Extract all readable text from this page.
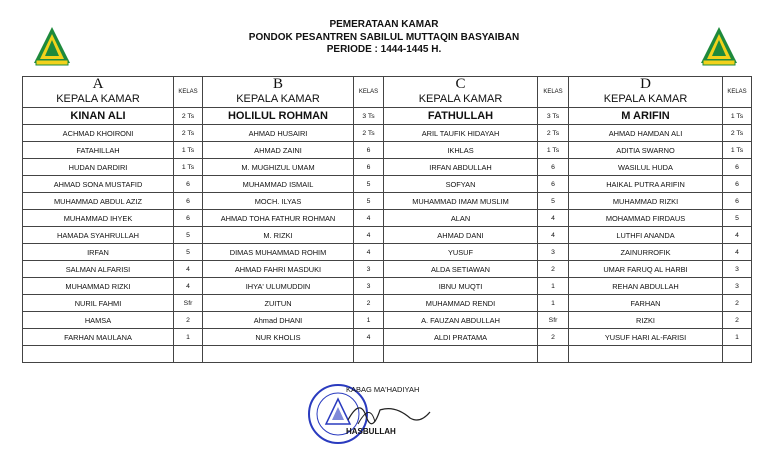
PEMERATAAN KAMAR
PONDOK PESANTREN SABILUL MUTTAQIN BASYAIBAN
PERIODE : 1444-1445 H.
A	KELAS	B	KELAS	C	KELAS	D	KELAS
KEPALA KAMAR		KEPALA KAMAR		KEPALA KAMAR		KEPALA KAMAR	
KINAN ALI	2 Ts	HOLILUL ROHMAN	3 Ts	FATHULLAH	3 Ts	M ARIFIN	1 Ts
ACHMAD KHOIRONI	2 Ts	AHMAD HUSAIRI	2 Ts	ARIL TAUFIK HIDAYAH	2 Ts	AHMAD HAMDAN ALI	2 Ts
FATAHILLAH	1 Ts	AHMAD ZAINI	6	IKHLAS	1 Ts	ADITIA SWARNO	1 Ts
HUDAN DARDIRI	1 Ts	M. MUGHIZUL UMAM	6	IRFAN ABDULLAH	6	WASILUL HUDA	6
AHMAD SONA MUSTAFID	6	MUHAMMAD ISMAIL	5	SOFYAN	6	HAIKAL PUTRA ARIFIN	6
MUHAMMAD ABDUL AZIZ	6	MOCH. ILYAS	5	MUHAMMAD IMAM MUSLIM	5	MUHAMMAD RIZKI	6
MUHAMMAD IHYEK	6	AHMAD TOHA FATHUR ROHMAN	4	ALAN	4	MOHAMMAD FIRDAUS	5
HAMADA SYAHRULLAH	5	M. RIZKI	4	AHMAD DANI	4	LUTHFI ANANDA	4
IRFAN	5	DIMAS MUHAMMAD ROHIM	4	YUSUF	3	ZAINURROFIK	4
SALMAN ALFARISI	4	AHMAD FAHRI MASDUKI	3	ALDA SETIAWAN	2	UMAR FARUQ AL HARBI	3
MUHAMMAD RIZKI	4	IHYA' ULUMUDDIN	3	IBNU MUQTI	1	REHAN ABDULLAH	3
NURIL FAHMI	Sfr	ZUITUN	2	MUHAMMAD RENDI	1	FARHAN	2
HAMSA	2	Ahmad DHANI	1	A. FAUZAN ABDULLAH	Sfr	RIZKI	2
FARHAN MAULANA	1	NUR KHOLIS	4	ALDI PRATAMA	2	YUSUF HARI AL-FARISI	1

KABAG MA'HADIYAH
HASBULLAH
